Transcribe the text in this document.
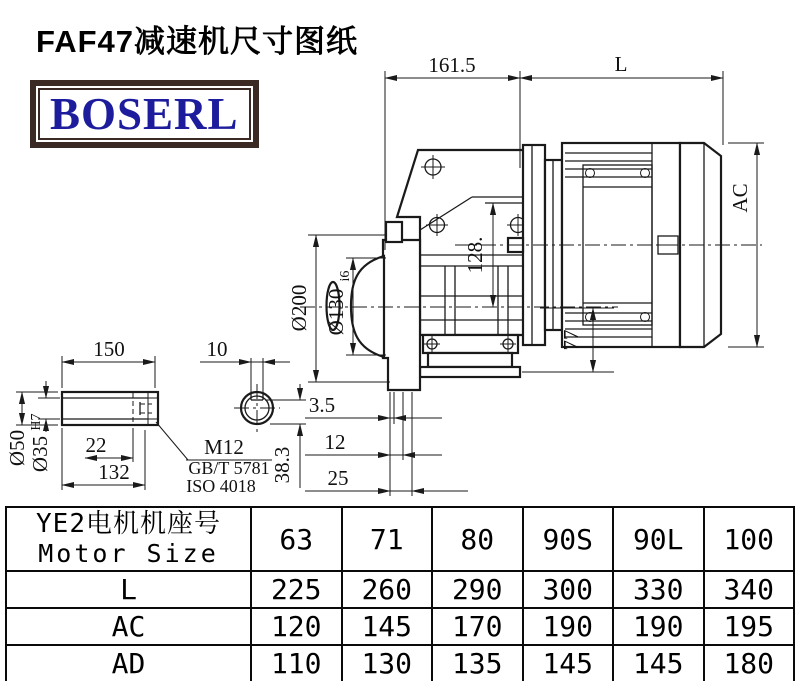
FAF47减速机尺寸图纸
BOSERL
161.5	L
AC
Ø200 Ø130
i6
128.
77
3.5
12
25
150	10
Ø50 Ø35
H7
22
132	38.3
M12
GB/T 5781
ISO 4018
YE2电机机座号
Motor Size	63	71	80	90S	90L	100
L	225	260	290	300	330	340
AC	120	145	170	190	190	195
AD	110	130	135	145	145	180
